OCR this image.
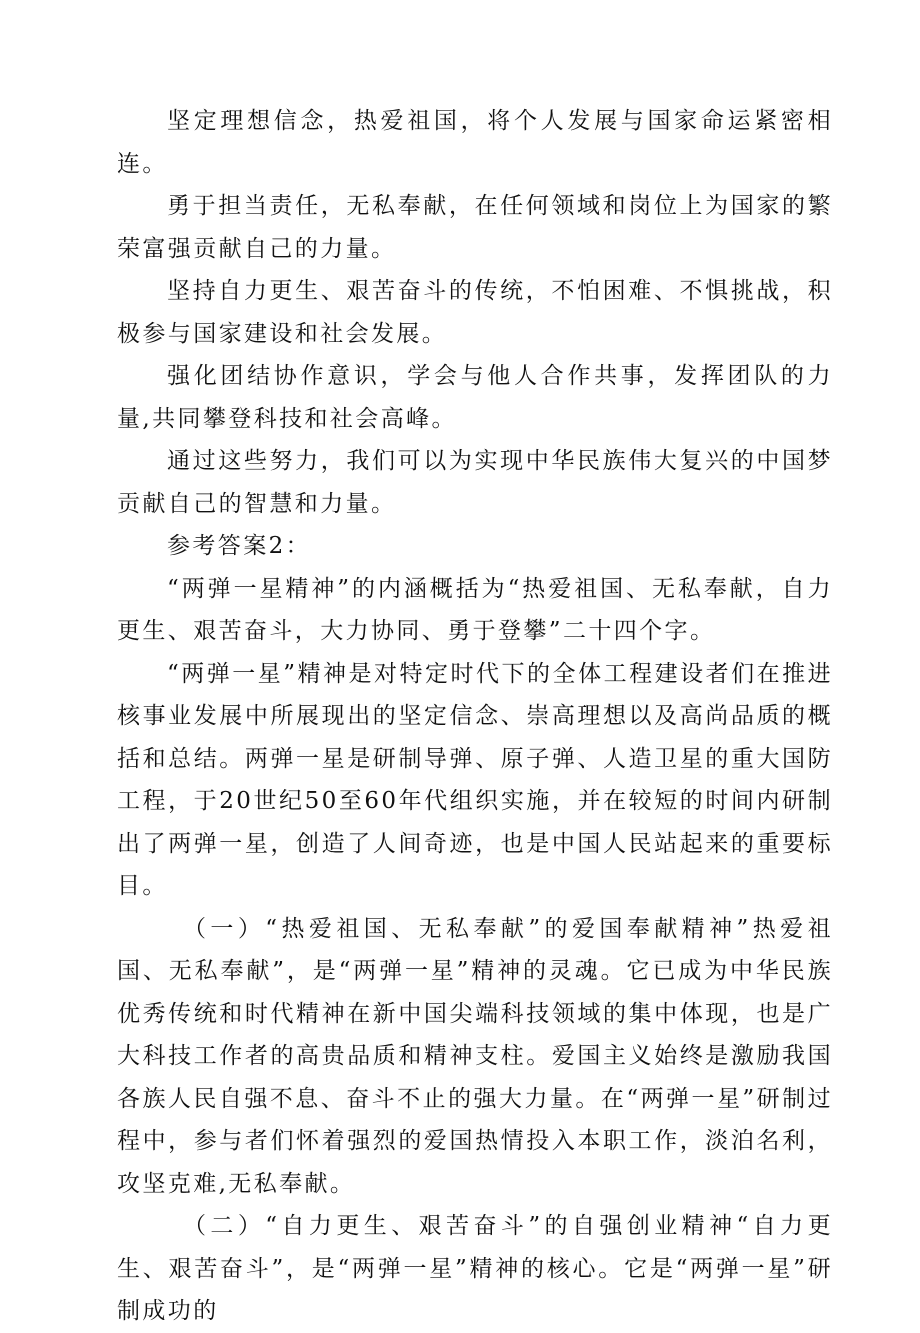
坚定理想信念，热爱祖国，将个人发展与国家命运紧密相连。

勇于担当责任，无私奉献，在任何领域和岗位上为国家的繁荣富强贡献自己的力量。

坚持自力更生、艰苦奋斗的传统，不怕困难、不惧挑战，积极参与国家建设和社会发展。

强化团结协作意识，学会与他人合作共事，发挥团队的力量,共同攀登科技和社会高峰。

通过这些努力，我们可以为实现中华民族伟大复兴的中国梦贡献自己的智慧和力量。

参考答案2：

“两弹一星精神”的内涵概括为“热爱祖国、无私奉献，自力更生、艰苦奋斗，大力协同、勇于登攀”二十四个字。

“两弹一星”精神是对特定时代下的全体工程建设者们在推进核事业发展中所展现出的坚定信念、崇高理想以及高尚品质的概括和总结。两弹一星是研制导弹、原子弹、人造卫星的重大国防工程，于20世纪50至60年代组织实施，并在较短的时间内研制出了两弹一星，创造了人间奇迹，也是中国人民站起来的重要标目。

（一）“热爱祖国、无私奉献”的爱国奉献精神”热爱祖国、无私奉献”，是“两弹一星”精神的灵魂。它已成为中华民族优秀传统和时代精神在新中国尖端科技领域的集中体现，也是广大科技工作者的高贵品质和精神支柱。爱国主义始终是激励我国各族人民自强不息、奋斗不止的强大力量。在“两弹一星”研制过程中，参与者们怀着强烈的爱国热情投入本职工作，淡泊名利，攻坚克难,无私奉献。

（二）“自力更生、艰苦奋斗”的自强创业精神“自力更生、艰苦奋斗”，是“两弹一星”精神的核心。它是“两弹一星”研制成功的
